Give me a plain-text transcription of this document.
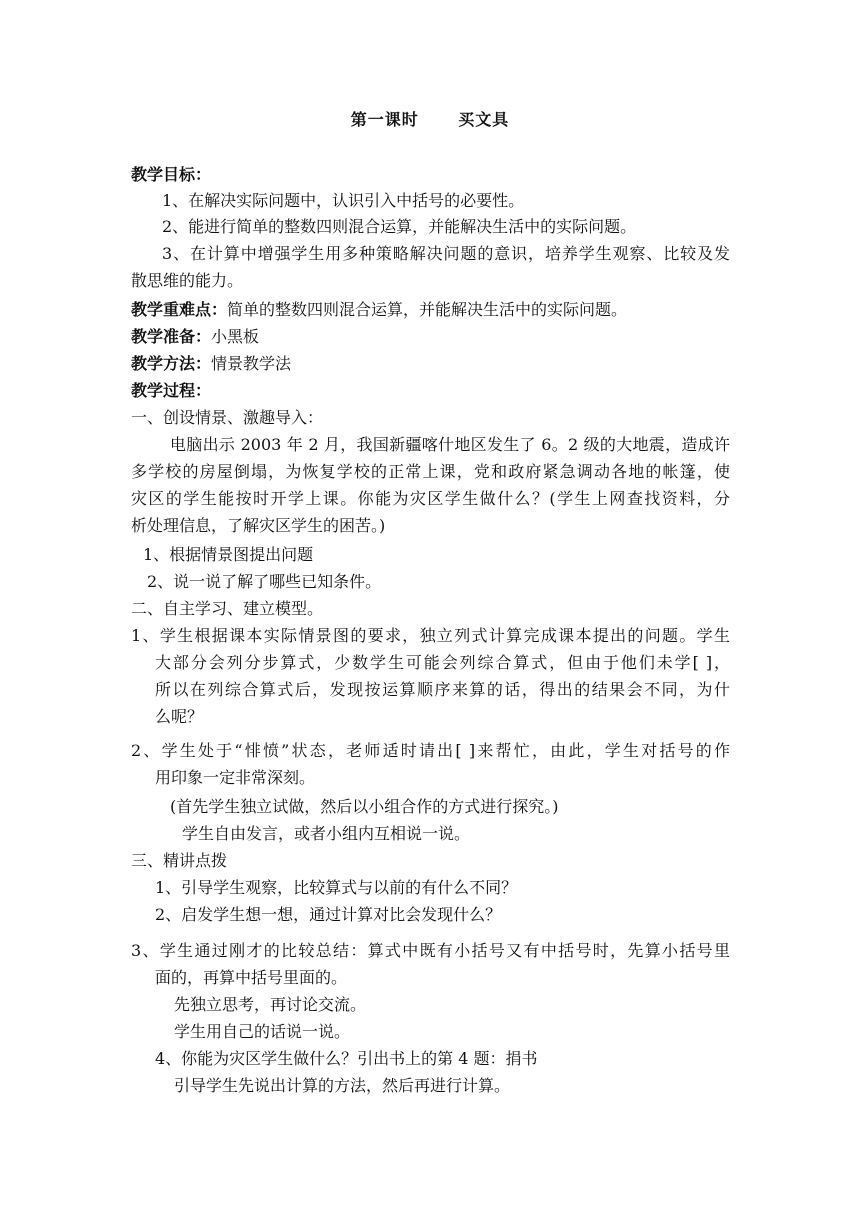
第一课时      买文具
教学目标：
1、在解决实际问题中，认识引入中括号的必要性。
2、能进行简单的整数四则混合运算，并能解决生活中的实际问题。
3、在计算中增强学生用多种策略解决问题的意识，培养学生观察、比较及发
散思维的能力。
教学重难点：简单的整数四则混合运算，并能解决生活中的实际问题。
教学准备：小黑板
教学方法：情景教学法
教学过程：
一、创设情景、激趣导入：
电脑出示 2003 年 2 月，我国新疆喀什地区发生了 6。2 级的大地震，造成许
多学校的房屋倒塌，为恢复学校的正常上课，党和政府紧急调动各地的帐篷，使
灾区的学生能按时开学上课。你能为灾区学生做什么？(学生上网查找资料，分
析处理信息，了解灾区学生的困苦。)
1、根据情景图提出问题
2、说一说了解了哪些已知条件。
二、自主学习、建立模型。
1、学生根据课本实际情景图的要求，独立列式计算完成课本提出的问题。学生
大部分会列分步算式，少数学生可能会列综合算式，但由于他们未学[ ]，
所以在列综合算式后，发现按运算顺序来算的话，得出的结果会不同，为什
么呢？
2、学生处于“悱愤”状态，老师适时请出[ ]来帮忙，由此，学生对括号的作
用印象一定非常深刻。
(首先学生独立试做，然后以小组合作的方式进行探究。)
学生自由发言，或者小组内互相说一说。
三、精讲点拨
1、引导学生观察，比较算式与以前的有什么不同？
2、启发学生想一想，通过计算对比会发现什么？
3、学生通过刚才的比较总结：算式中既有小括号又有中括号时，先算小括号里
面的，再算中括号里面的。
先独立思考，再讨论交流。
学生用自己的话说一说。
4、你能为灾区学生做什么？引出书上的第 4 题：捐书
引导学生先说出计算的方法，然后再进行计算。
